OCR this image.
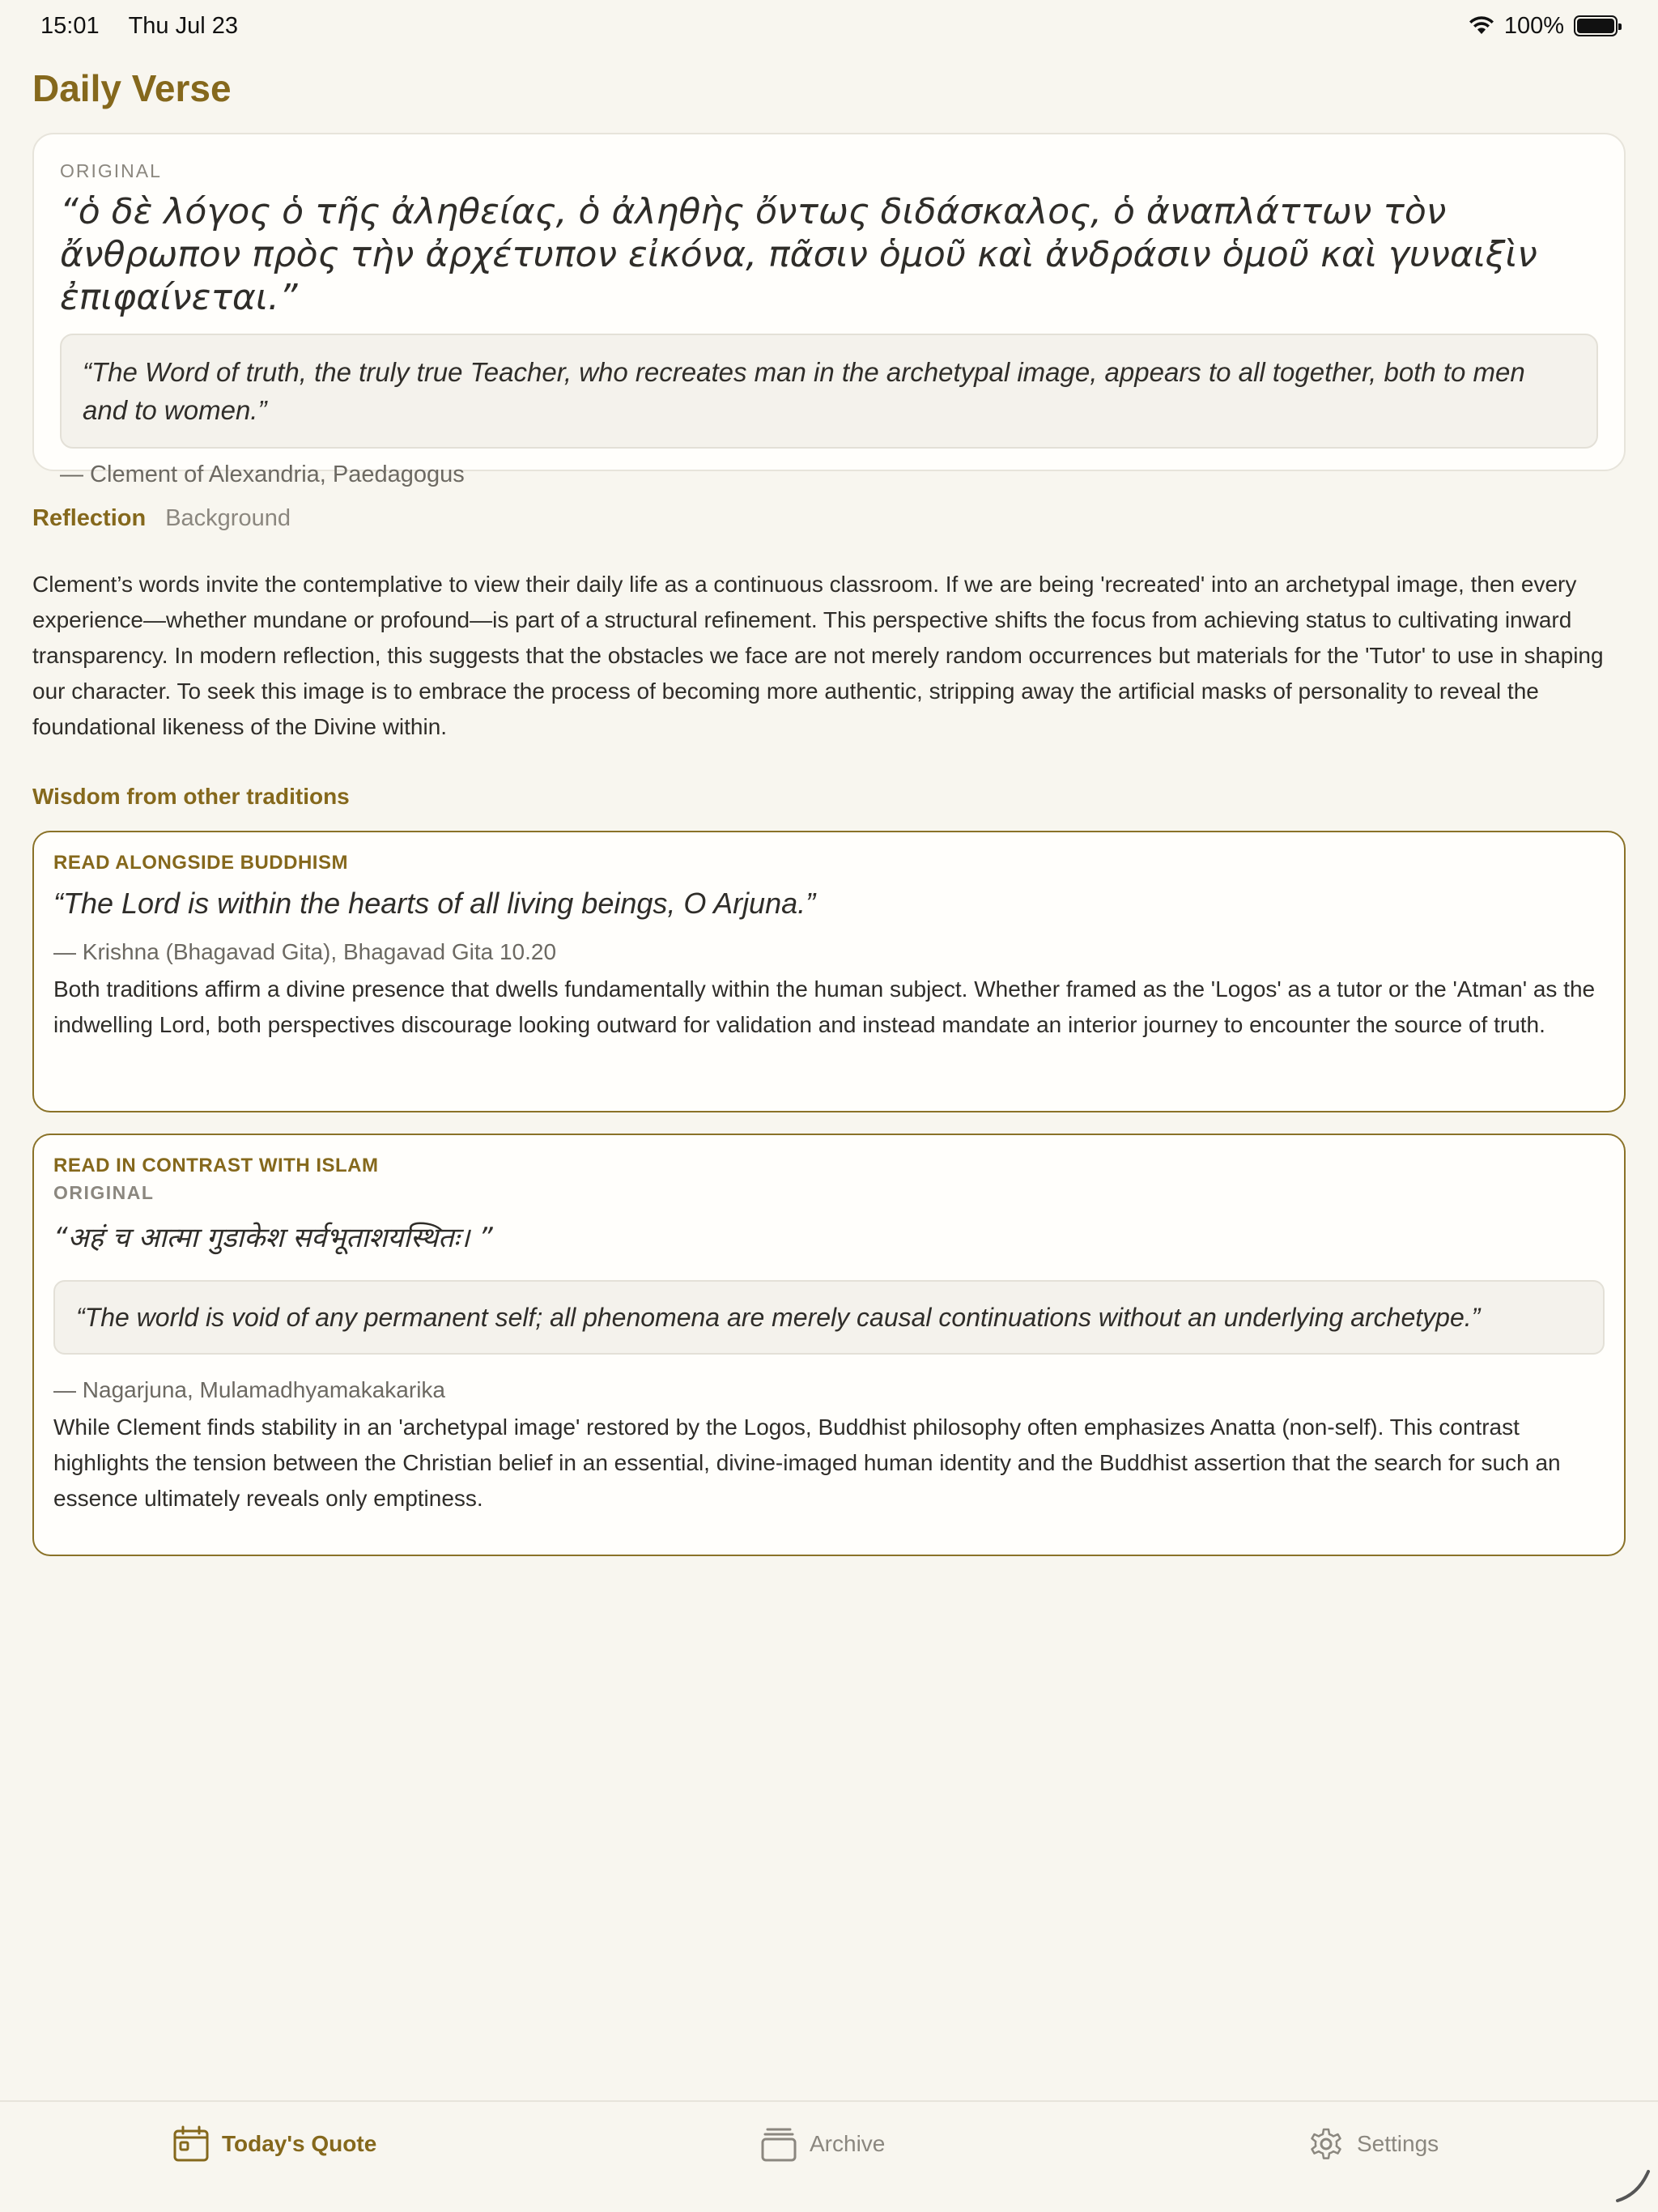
15:01 Thu Jul 23	100%
Daily Verse
ORIGINAL
“ὁ δὲ λόγος ὁ τῆς ἀληθείας, ὁ ἀληθὴς ὄντως διδάσκαλος, ὁ ἀναπλάττων τὸν ἄνθρωπον πρὸς τὴν ἀρχέτυπον εἰκόνα, πᾶσιν ὁμοῦ καὶ ἀνδράσιν ὁμοῦ καὶ γυναιξὶν ἐπιφαίνεται.”
“The Word of truth, the truly true Teacher, who recreates man in the archetypal image, appears to all together, both to men and to women.”
— Clement of Alexandria, Paedagogus
Reflection Background
Clement’s words invite the contemplative to view their daily life as a continuous classroom. If we are being 'recreated' into an archetypal image, then every experience—whether mundane or profound—is part of a structural refinement. This perspective shifts the focus from achieving status to cultivating inward transparency. In modern reflection, this suggests that the obstacles we face are not merely random occurrences but materials for the 'Tutor' to use in shaping our character. To seek this image is to embrace the process of becoming more authentic, stripping away the artificial masks of personality to reveal the foundational likeness of the Divine within.
Wisdom from other traditions
READ ALONGSIDE BUDDHISM
“The Lord is within the hearts of all living beings, O Arjuna.”
— Krishna (Bhagavad Gita), Bhagavad Gita 10.20
Both traditions affirm a divine presence that dwells fundamentally within the human subject. Whether framed as the 'Logos' as a tutor or the 'Atman' as the indwelling Lord, both perspectives discourage looking outward for validation and instead mandate an interior journey to encounter the source of truth.
READ IN CONTRAST WITH ISLAM
ORIGINAL
“अहं च आत्मा गुडाकेश सर्वभूताशयस्थितः। ”
“The world is void of any permanent self; all phenomena are merely causal continuations without an underlying archetype.”
— Nagarjuna, Mulamadhyamakakarika
While Clement finds stability in an 'archetypal image' restored by the Logos, Buddhist philosophy often emphasizes Anatta (non-self). This contrast highlights the tension between the Christian belief in an essential, divine-imaged human identity and the Buddhist assertion that the search for such an essence ultimately reveals only emptiness.
Today's Quote	Archive	Settings
